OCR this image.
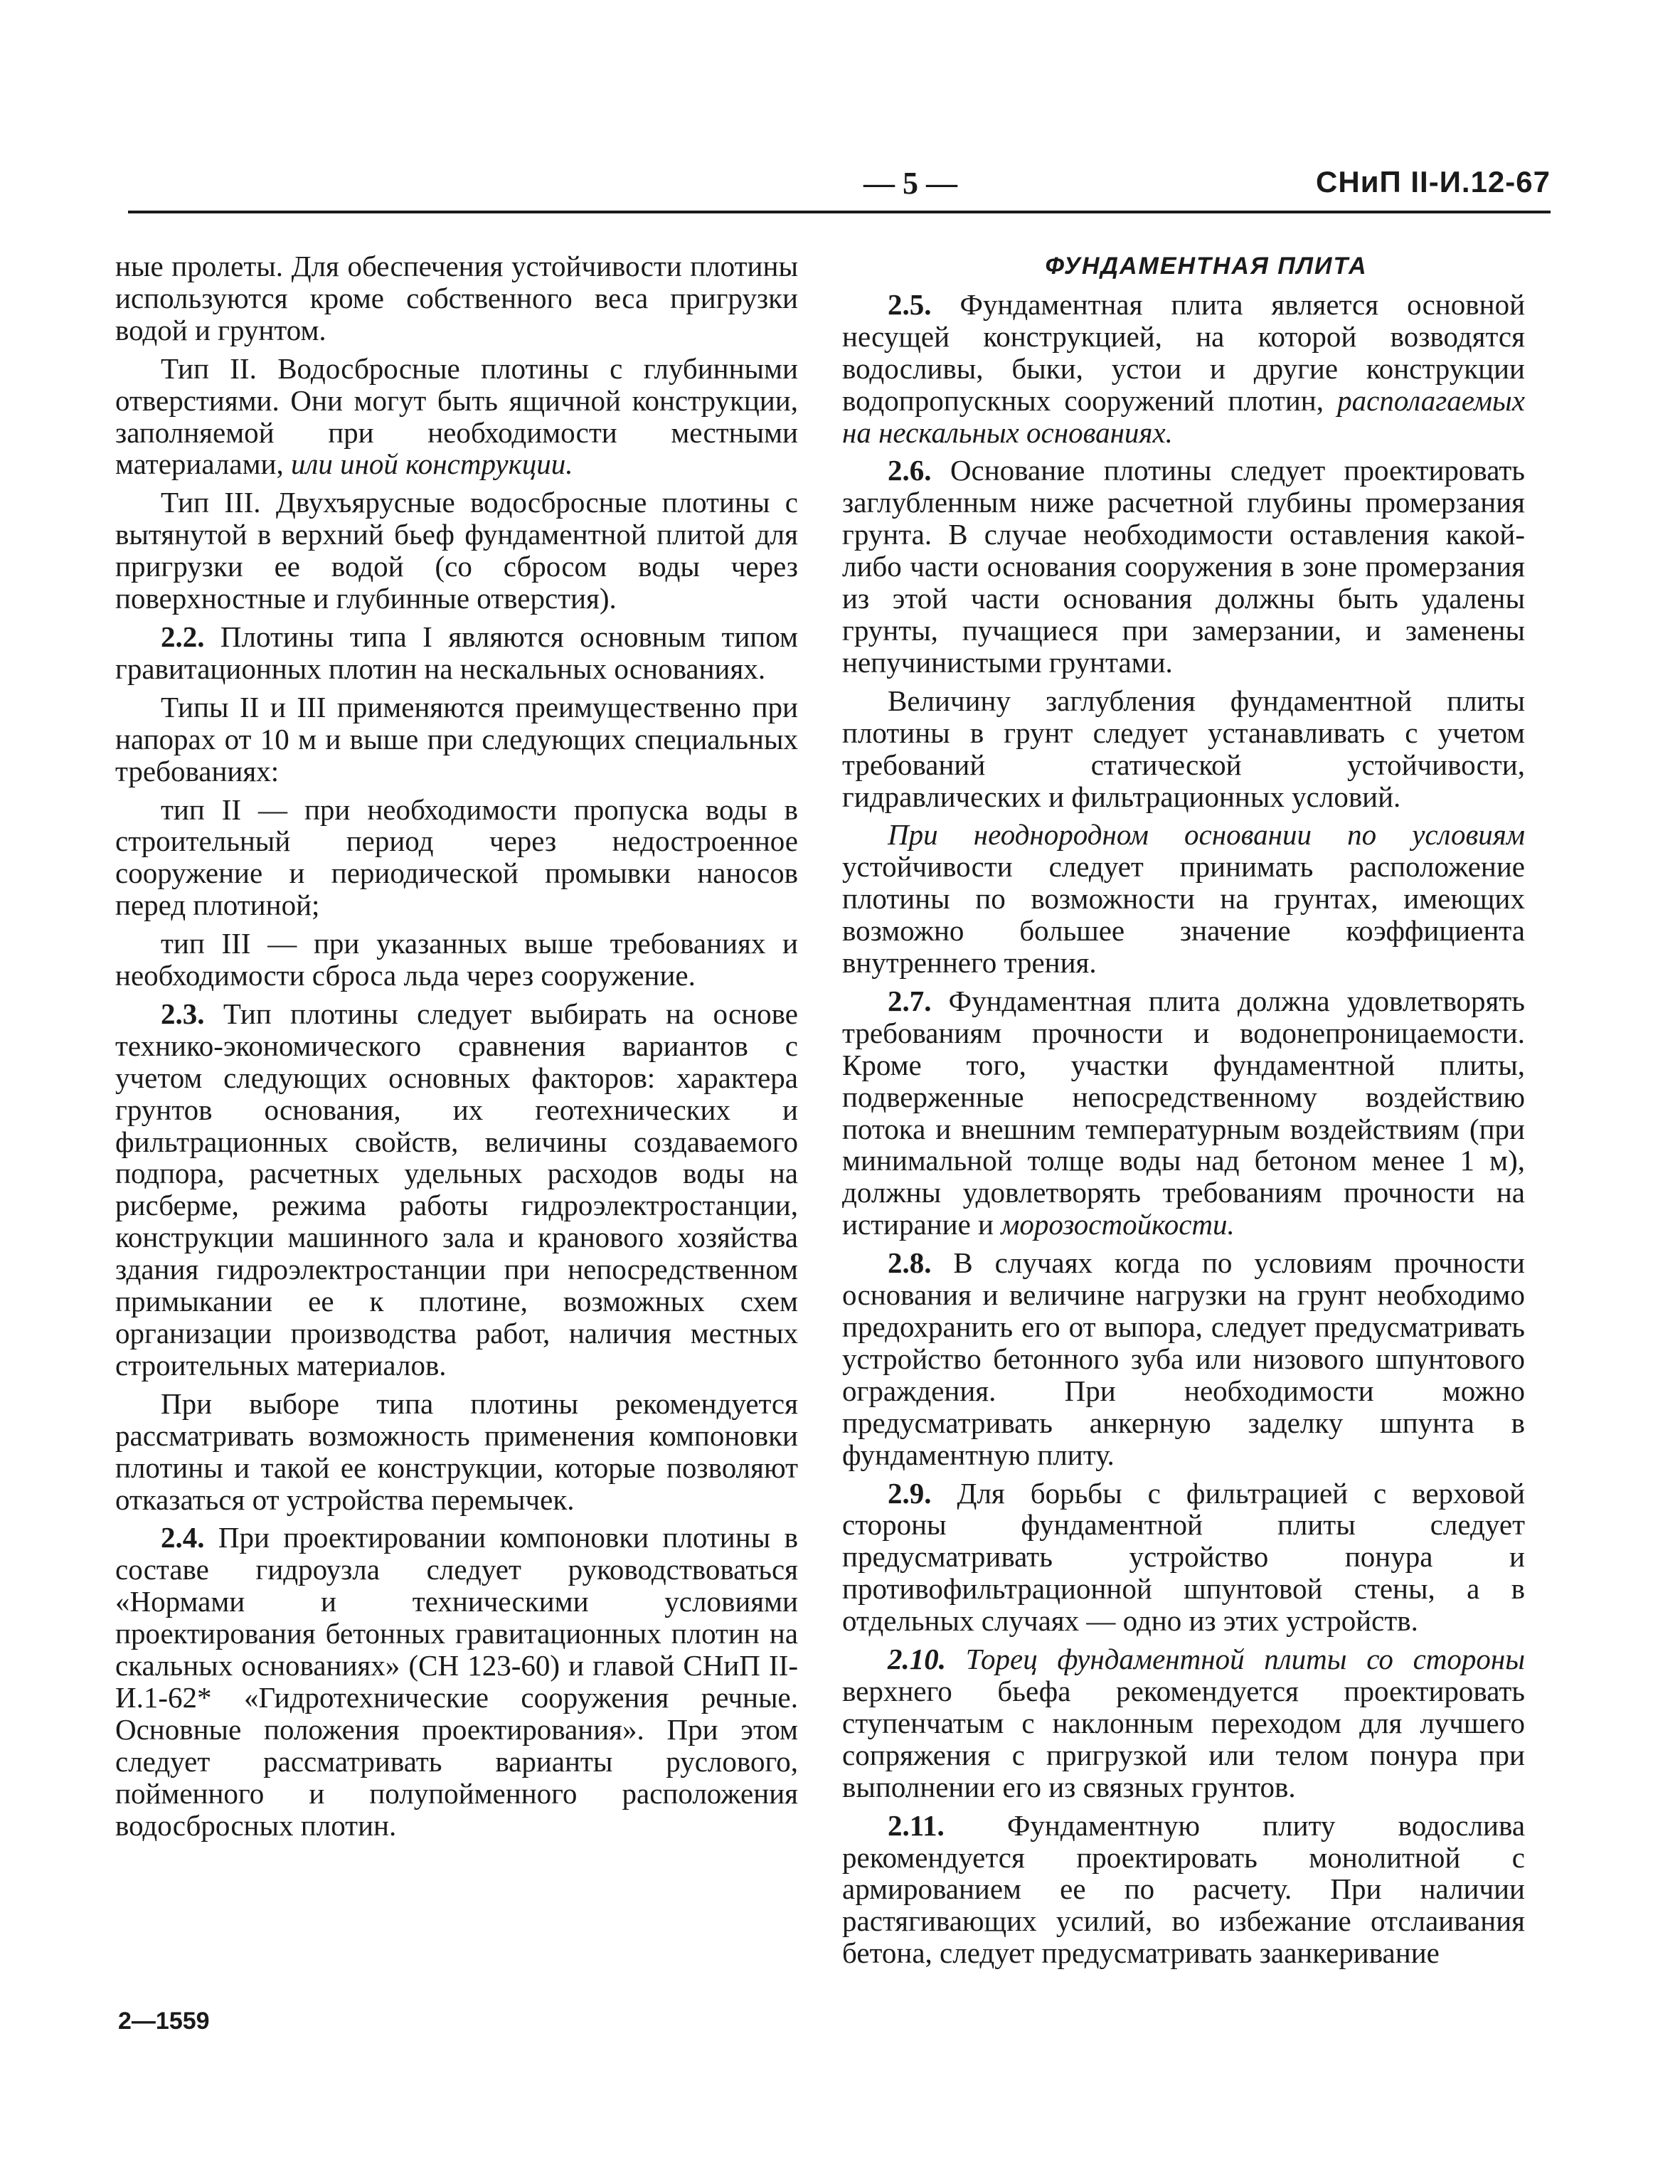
— 5 —	СНиП II-И.12-67

ные пролеты. Для обеспечения устойчивости плотины используются кроме собственного веса пригрузки водой и грунтом.

Тип II. Водосбросные плотины с глубинными отверстиями. Они могут быть ящичной конструкции, заполняемой при необходимости местными материалами, или иной конструкции.

Тип III. Двухъярусные водосбросные плотины с вытянутой в верхний бьеф фундаментной плитой для пригрузки ее водой (со сбросом воды через поверхностные и глубинные отверстия).

2.2. Плотины типа I являются основным типом гравитационных плотин на нескальных основаниях.

Типы II и III применяются преимущественно при напорах от 10 м и выше при следующих специальных требованиях:

тип II — при необходимости пропуска воды в строительный период через недостроенное сооружение и периодической промывки наносов перед плотиной;

тип III — при указанных выше требованиях и необходимости сброса льда через сооружение.

2.3. Тип плотины следует выбирать на основе технико-экономического сравнения вариантов с учетом следующих основных факторов: характера грунтов основания, их геотехнических и фильтрационных свойств, величины создаваемого подпора, расчетных удельных расходов воды на рисберме, режима работы гидроэлектростанции, конструкции машинного зала и кранового хозяйства здания гидроэлектростанции при непосредственном примыкании ее к плотине, возможных схем организации производства работ, наличия местных строительных материалов.

При выборе типа плотины рекомендуется рассматривать возможность применения компоновки плотины и такой ее конструкции, которые позволяют отказаться от устройства перемычек.

2.4. При проектировании компоновки плотины в составе гидроузла следует руководствоваться «Нормами и техническими условиями проектирования бетонных гравитационных плотин на скальных основаниях» (СН 123-60) и главой СНиП II-И.1-62* «Гидротехнические сооружения речные. Основные положения проектирования». При этом следует рассматривать варианты руслового, пойменного и полупойменного расположения водосбросных плотин.

ФУНДАМЕНТНАЯ ПЛИТА

2.5. Фундаментная плита является основной несущей конструкцией, на которой возводятся водосливы, быки, устои и другие конструкции водопропускных сооружений плотин, располагаемых на нескальных основаниях.

2.6. Основание плотины следует проектировать заглубленным ниже расчетной глубины промерзания грунта. В случае необходимости оставления какой-либо части основания сооружения в зоне промерзания из этой части основания должны быть удалены грунты, пучащиеся при замерзании, и заменены непучинистыми грунтами.

Величину заглубления фундаментной плиты плотины в грунт следует устанавливать с учетом требований статической устойчивости, гидравлических и фильтрационных условий.

При неоднородном основании по условиям устойчивости следует принимать расположение плотины по возможности на грунтах, имеющих возможно большее значение коэффициента внутреннего трения.

2.7. Фундаментная плита должна удовлетворять требованиям прочности и водонепроницаемости. Кроме того, участки фундаментной плиты, подверженные непосредственному воздействию потока и внешним температурным воздействиям (при минимальной толще воды над бетоном менее 1 м), должны удовлетворять требованиям прочности на истирание и морозостойкости.

2.8. В случаях когда по условиям прочности основания и величине нагрузки на грунт необходимо предохранить его от выпора, следует предусматривать устройство бетонного зуба или низового шпунтового ограждения. При необходимости можно предусматривать анкерную заделку шпунта в фундаментную плиту.

2.9. Для борьбы с фильтрацией с верховой стороны фундаментной плиты следует предусматривать устройство понура и противофильтрационной шпунтовой стены, а в отдельных случаях — одно из этих устройств.

2.10. Торец фундаментной плиты со стороны верхнего бьефа рекомендуется проектировать ступенчатым с наклонным переходом для лучшего сопряжения с пригрузкой или телом понура при выполнении его из связных грунтов.

2.11. Фундаментную плиту водослива рекомендуется проектировать монолитной с армированием ее по расчету. При наличии растягивающих усилий, во избежание отслаивания бетона, следует предусматривать заанкеривание

2—1559
